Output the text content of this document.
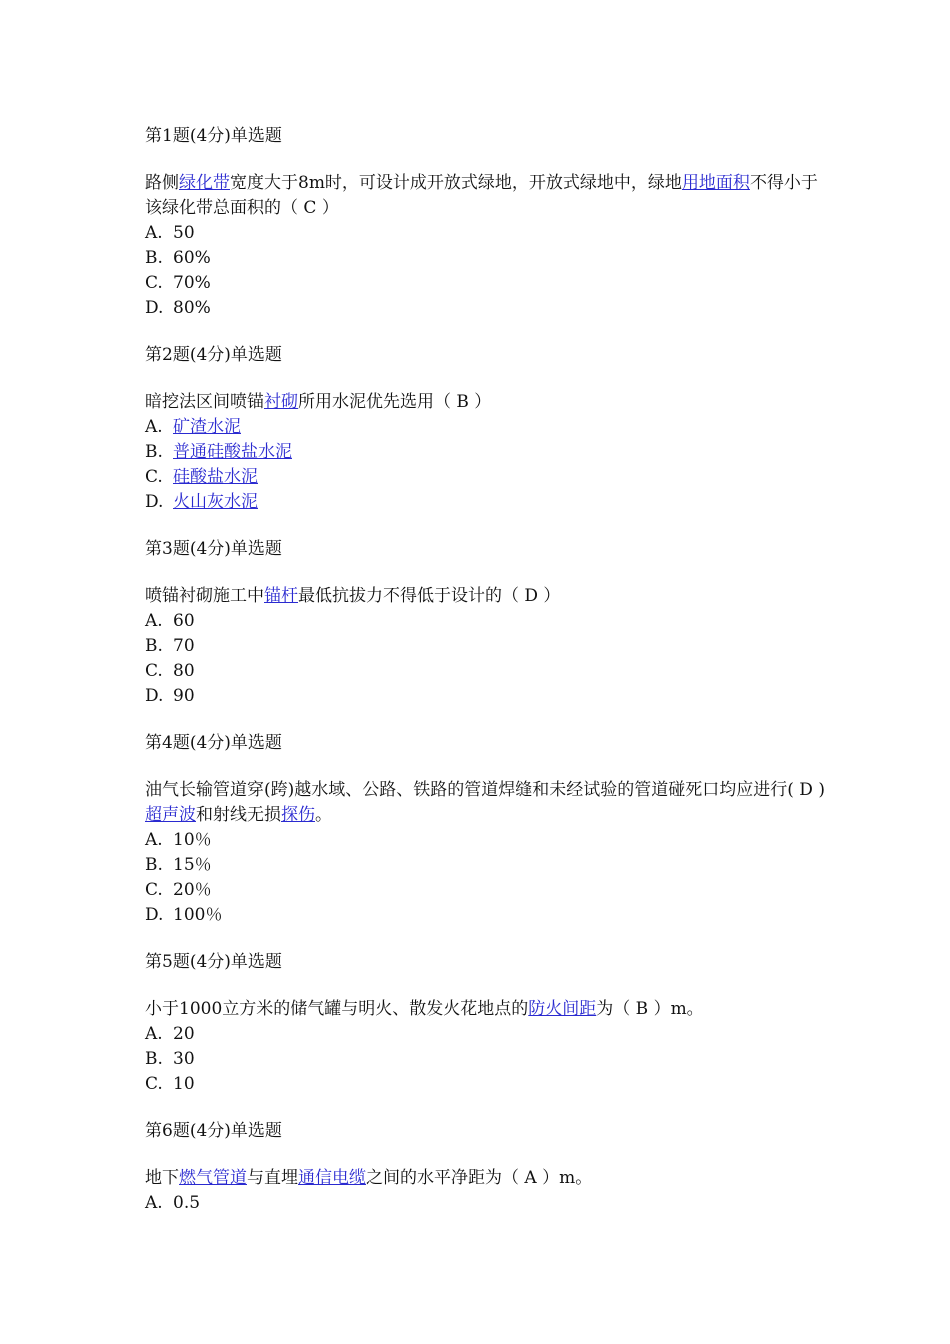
第1题(4分)单选题
路侧绿化带宽度大于8m时，可设计成开放式绿地，开放式绿地中，绿地用地面积不得小于该绿化带总面积的（ C ）
A. 50
B. 60%
C. 70%
D. 80%
第2题(4分)单选题
暗挖法区间喷锚衬砌所用水泥优先选用（ B ）
A. 矿渣水泥
B. 普通硅酸盐水泥
C. 硅酸盐水泥
D. 火山灰水泥
第3题(4分)单选题
喷锚衬砌施工中锚杆最低抗拔力不得低于设计的（ D ）
A. 60
B. 70
C. 80
D. 90
第4题(4分)单选题
油气长输管道穿(跨)越水域、公路、铁路的管道焊缝和未经试验的管道碰死口均应进行( D ) 超声波和射线无损探伤。
A. 10％
B. 15％
C. 20％
D. 100％
第5题(4分)单选题
小于1000立方米的储气罐与明火、散发火花地点的防火间距为（ B ）m。
A. 20
B. 30
C. 10
第6题(4分)单选题
地下燃气管道与直埋通信电缆之间的水平净距为（ A ）m。
A. 0.5
